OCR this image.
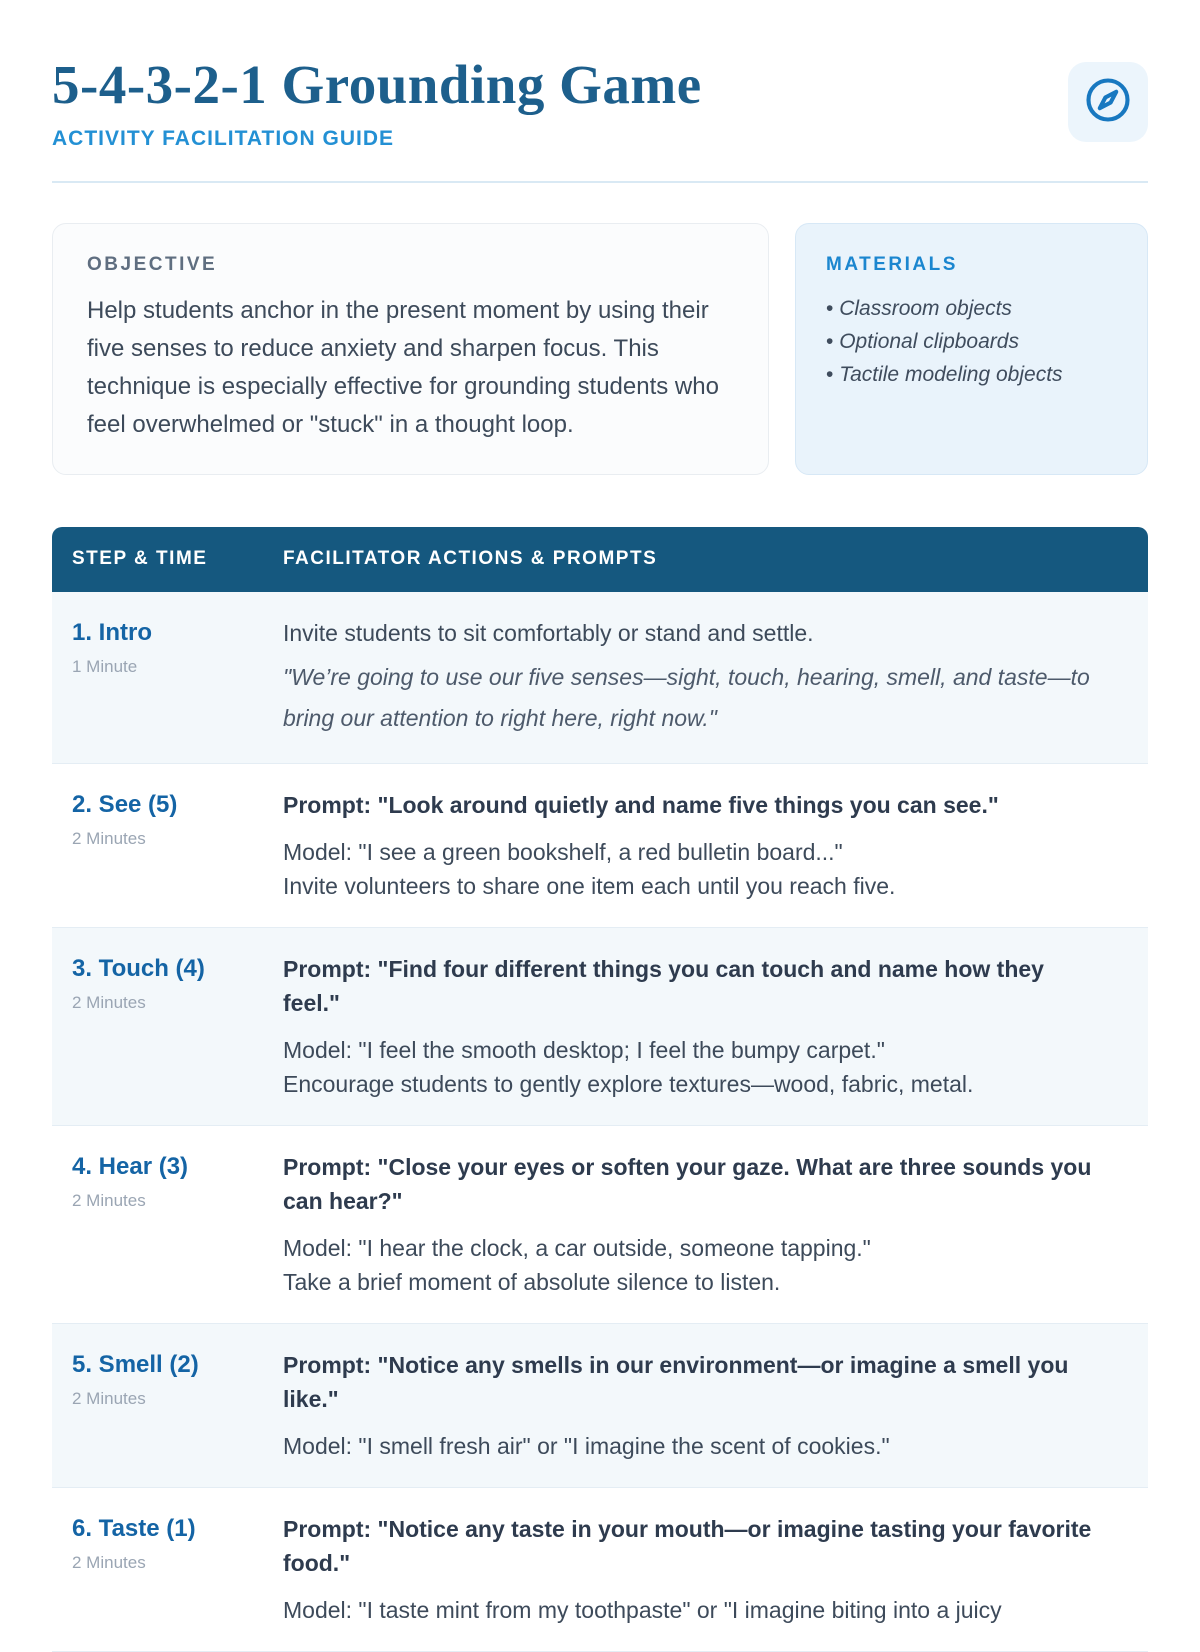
5-4-3-2-1 Grounding Game
ACTIVITY FACILITATION GUIDE
OBJECTIVE

Help students anchor in the present moment by using their five senses to reduce anxiety and sharpen focus. This technique is especially effective for grounding students who feel overwhelmed or "stuck" in a thought loop.

MATERIALS
• Classroom objects
• Optional clipboards
• Tactile modeling objects
STEP & TIME	FACILITATOR ACTIONS & PROMPTS
1. Intro
1 Minute

Invite students to sit comfortably or stand and settle.

"We’re going to use our five senses—sight, touch, hearing, smell, and taste—to bring our attention to right here, right now."

2. See (5)
2 Minutes

Prompt: "Look around quietly and name five things you can see."

Model: "I see a green bookshelf, a red bulletin board..."

Invite volunteers to share one item each until you reach five.

3. Touch (4)
2 Minutes

Prompt: "Find four different things you can touch and name how they feel."

Model: "I feel the smooth desktop; I feel the bumpy carpet."

Encourage students to gently explore textures—wood, fabric, metal.

4. Hear (3)
2 Minutes

Prompt: "Close your eyes or soften your gaze. What are three sounds you can hear?"

Model: "I hear the clock, a car outside, someone tapping."

Take a brief moment of absolute silence to listen.

5. Smell (2)
2 Minutes

Prompt: "Notice any smells in our environment—or imagine a smell you like."

Model: "I smell fresh air" or "I imagine the scent of cookies."

6. Taste (1)
2 Minutes

Prompt: "Notice any taste in your mouth—or imagine tasting your favorite food."

Model: "I taste mint from my toothpaste" or "I imagine biting into a juicy
